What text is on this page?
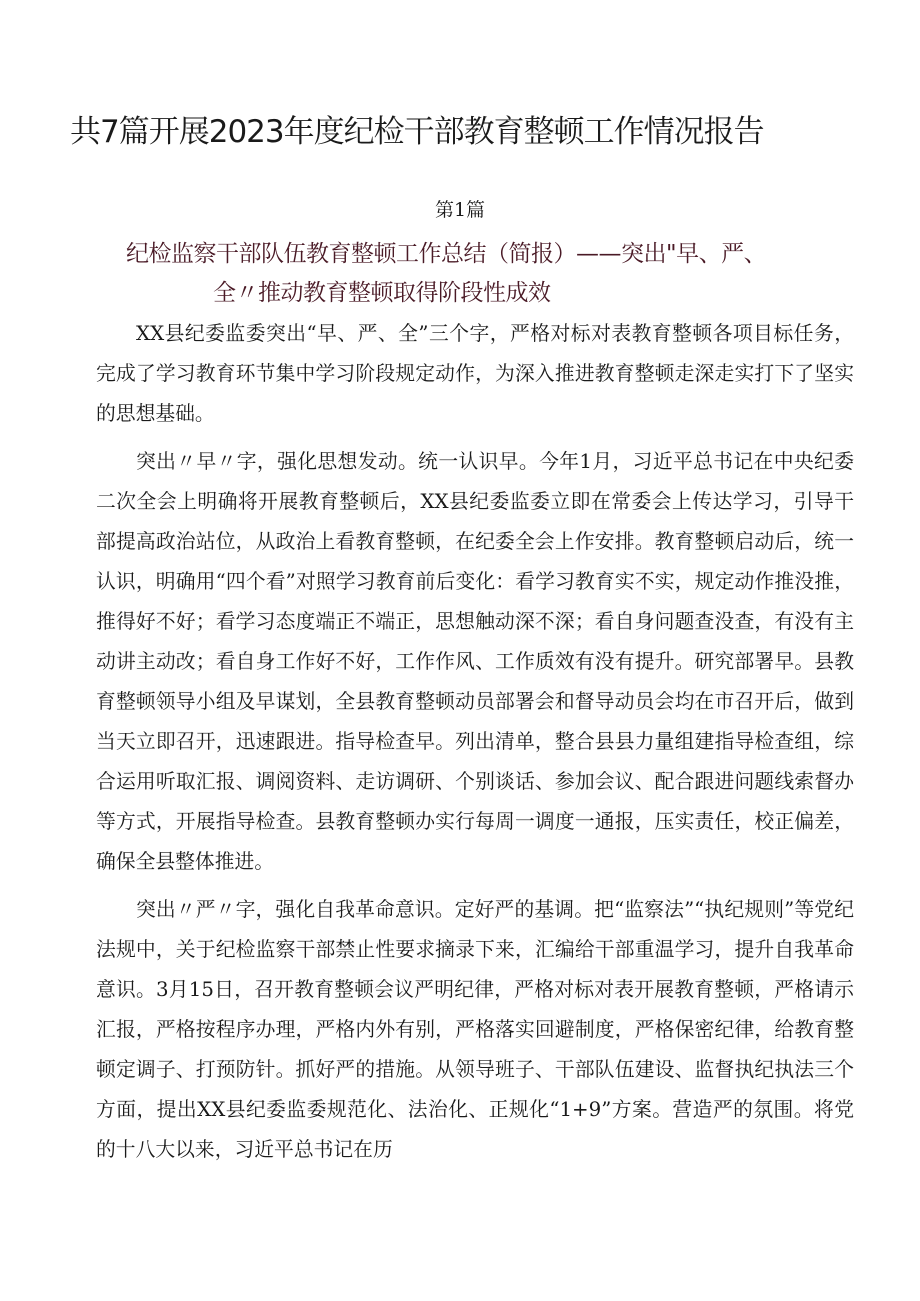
共7篇开展2023年度纪检干部教育整顿工作情况报告
第1篇
纪检监察干部队伍教育整顿工作总结（简报）——突出"早、严、
全〃推动教育整顿取得阶段性成效

XX县纪委监委突出“早、严、全”三个字，严格对标对表教育整顿各项目标任务，完成了学习教育环节集中学习阶段规定动作，为深入推进教育整顿走深走实打下了坚实的思想基础。

突出〃早〃字，强化思想发动。统一认识早。今年1月，习近平总书记在中央纪委二次全会上明确将开展教育整顿后，XX县纪委监委立即在常委会上传达学习，引导干部提高政治站位，从政治上看教育整顿，在纪委全会上作安排。教育整顿启动后，统一认识，明确用“四个看”对照学习教育前后变化：看学习教育实不实，规定动作推没推，推得好不好；看学习态度端正不端正，思想触动深不深；看自身问题查没查，有没有主动讲主动改；看自身工作好不好，工作作风、工作质效有没有提升。研究部署早。县教育整顿领导小组及早谋划，全县教育整顿动员部署会和督导动员会均在市召开后，做到当天立即召开，迅速跟进。指导检查早。列出清单，整合县县力量组建指导检查组，综合运用听取汇报、调阅资料、走访调研、个别谈话、参加会议、配合跟进问题线索督办等方式，开展指导检查。县教育整顿办实行每周一调度一通报，压实责任，校正偏差，确保全县整体推进。

突出〃严〃字，强化自我革命意识。定好严的基调。把“监察法”“执纪规则”等党纪法规中，关于纪检监察干部禁止性要求摘录下来，汇编给干部重温学习，提升自我革命意识。3月15日，召开教育整顿会议严明纪律，严格对标对表开展教育整顿，严格请示汇报，严格按程序办理，严格内外有别，严格落实回避制度，严格保密纪律，给教育整顿定调子、打预防针。抓好严的措施。从领导班子、干部队伍建设、监督执纪执法三个方面，提出XX县纪委监委规范化、法治化、正规化“1+9”方案。营造严的氛围。将党的十八大以来，习近平总书记在历
